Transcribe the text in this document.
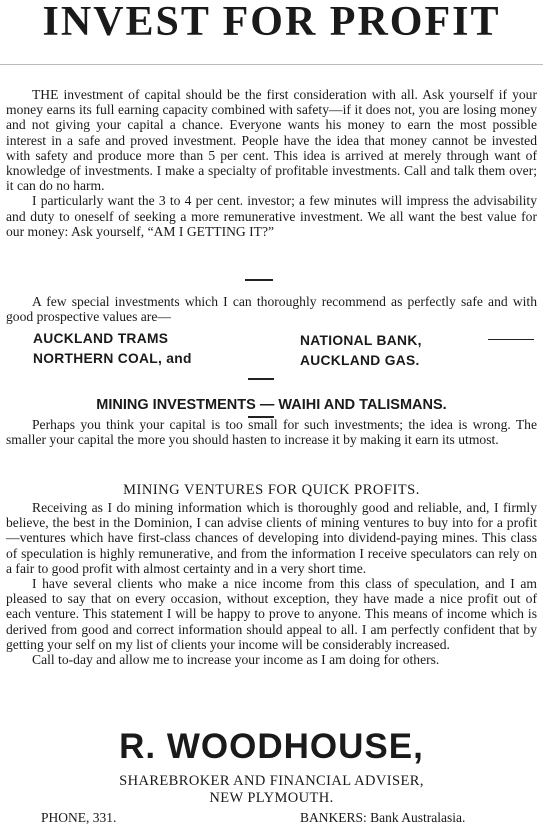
INVEST FOR PROFIT

THE investment of capital should be the first consideration with all. Ask yourself if your money earns its full earning capacity combined with safety—if it does not, you are losing money and not giving your capital a chance. Everyone wants his money to earn the most possible interest in a safe and proved investment. People have the idea that money cannot be invested with safety and produce more than 5 per cent. This idea is arrived at merely through want of knowledge of investments. I make a specialty of profitable investments. Call and talk them over; it can do no harm.

I particularly want the 3 to 4 per cent. investor; a few minutes will impress the advisability and duty to oneself of seeking a more remunerative investment. We all want the best value for our money: Ask yourself, “AM I GETTING IT?”

A few special investments which I can thoroughly recommend as perfectly safe and with good prospective values are—

AUCKLAND TRAMS
NORTHERN COAL, and
NATIONAL BANK,
AUCKLAND GAS.
MINING INVESTMENTS — WAIHI AND TALISMANS.

Perhaps you think your capital is too small for such investments; the idea is wrong. The smaller your capital the more you should hasten to increase it by making it earn its utmost.

MINING VENTURES FOR QUICK PROFITS.

Receiving as I do mining information which is thoroughly good and reliable, and, I firmly believe, the best in the Dominion, I can advise clients of mining ventures to buy into for a profit—ventures which have first-class chances of developing into dividend-paying mines. This class of speculation is highly remunerative, and from the information I receive speculators can rely on a fair to good profit with almost certainty and in a very short time.

I have several clients who make a nice income from this class of speculation, and I am pleased to say that on every occasion, without exception, they have made a nice profit out of each venture. This statement I will be happy to prove to anyone. This means of income which is derived from good and correct information should appeal to all. I am perfectly confident that by getting your self on my list of clients your income will be considerably increased.

Call to-day and allow me to increase your income as I am doing for others.

R. WOODHOUSE,
SHAREBROKER AND FINANCIAL ADVISER,
NEW PLYMOUTH.
PHONE, 331.	BANKERS: Bank Australasia.
